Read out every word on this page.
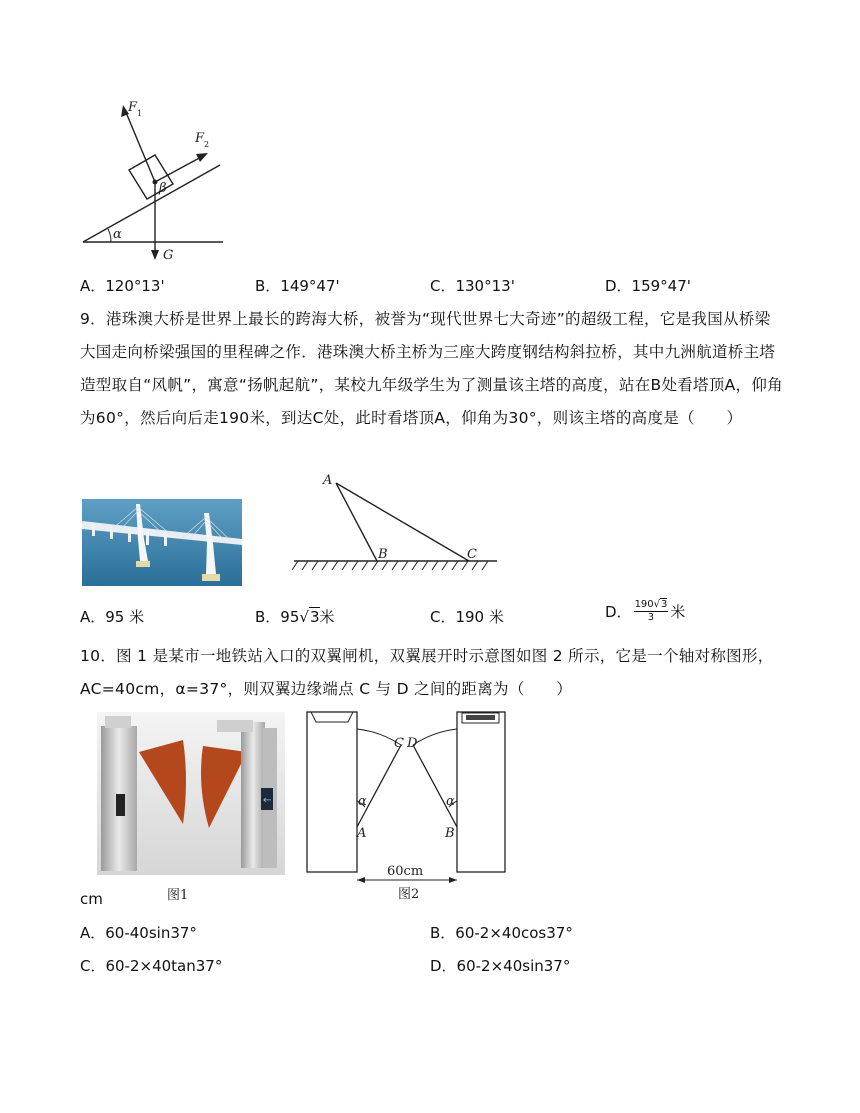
α
β
F 1
F 2
G
A．120°13'	B．149°47'	C．130°13'	D．159°47'
9．港珠澳大桥是世界上最长的跨海大桥，被誉为“现代世界七大奇迹”的超级工程，它是我国从桥梁大国走向桥梁强国的里程碑之作．港珠澳大桥主桥为三座大跨度钢结构斜拉桥，其中九洲航道桥主塔造型取自“风帆”，寓意“扬帆起航”，某校九年级学生为了测量该主塔的高度，站在B处看塔顶A，仰角为60°，然后向后走190米，到达C处，此时看塔顶A，仰角为30°，则该主塔的高度是（　　）
A
B	C
A．95 米	B．95√3米	C．190 米	D． $\frac{190√3}{3}$ 米
10．图 1 是某市一地铁站入口的双翼闸机，双翼展开时示意图如图 2 所示，它是一个轴对称图形，AC=40cm，α=37°，则双翼边缘端点 C 与 D 之间的距离为（　　）
←
图1
C D
α	α
A	B
60cm
图2
cm
A．60-40sin37°	B．60-2×40cos37°
C．60-2×40tan37°	D．60-2×40sin37°
